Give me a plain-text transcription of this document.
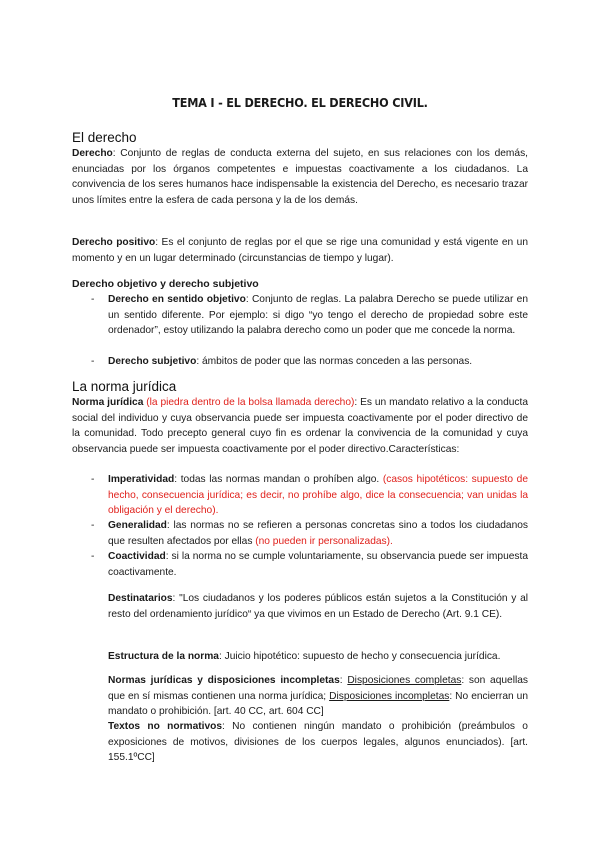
TEMA I - EL DERECHO. EL DERECHO CIVIL.
El derecho
Derecho: Conjunto de reglas de conducta externa del sujeto, en sus relaciones con los demás, enunciadas por los órganos competentes e impuestas coactivamente a los ciudadanos. La convivencia de los seres humanos hace indispensable la existencia del Derecho, es necesario trazar unos límites entre la esfera de cada persona y la de los demás.
Derecho positivo: Es el conjunto de reglas por el que se rige una comunidad y está vigente en un momento y en un lugar determinado (circunstancias de tiempo y lugar).
Derecho objetivo y derecho subjetivo
- Derecho en sentido objetivo: Conjunto de reglas. La palabra Derecho se puede utilizar en un sentido diferente. Por ejemplo: si digo “yo tengo el derecho de propiedad sobre este ordenador”, estoy utilizando la palabra derecho como un poder que me concede la norma.
- Derecho subjetivo: ámbitos de poder que las normas conceden a las personas.
La norma jurídica
Norma jurídica (la piedra dentro de la bolsa llamada derecho): Es un mandato relativo a la conducta social del individuo y cuya observancia puede ser impuesta coactivamente por el poder directivo de la comunidad. Todo precepto general cuyo fin es ordenar la convivencia de la comunidad y cuya observancia puede ser impuesta coactivamente por el poder directivo.Características:
- Imperatividad: todas las normas mandan o prohíben algo. (casos hipotéticos: supuesto de hecho, consecuencia jurídica; es decir, no prohíbe algo, dice la consecuencia; van unidas la obligación y el derecho).
- Generalidad: las normas no se refieren a personas concretas sino a todos los ciudadanos que resulten afectados por ellas (no pueden ir personalizadas).
- Coactividad: si la norma no se cumple voluntariamente, su observancia puede ser impuesta coactivamente.
Destinatarios: "Los ciudadanos y los poderes públicos están sujetos a la Constitución y al resto del ordenamiento jurídico“ ya que vivimos en un Estado de Derecho (Art. 9.1 CE).
Estructura de la norma: Juicio hipotético: supuesto de hecho y consecuencia jurídica.
Normas jurídicas y disposiciones incompletas: Disposiciones completas: son aquellas que en sí mismas contienen una norma jurídica; Disposiciones incompletas: No encierran un mandato o prohibición. [art. 40 CC, art. 604 CC]
Textos no normativos: No contienen ningún mandato o prohibición (preámbulos o exposiciones de motivos, divisiones de los cuerpos legales, algunos enunciados). [art. 155.1ºCC]
